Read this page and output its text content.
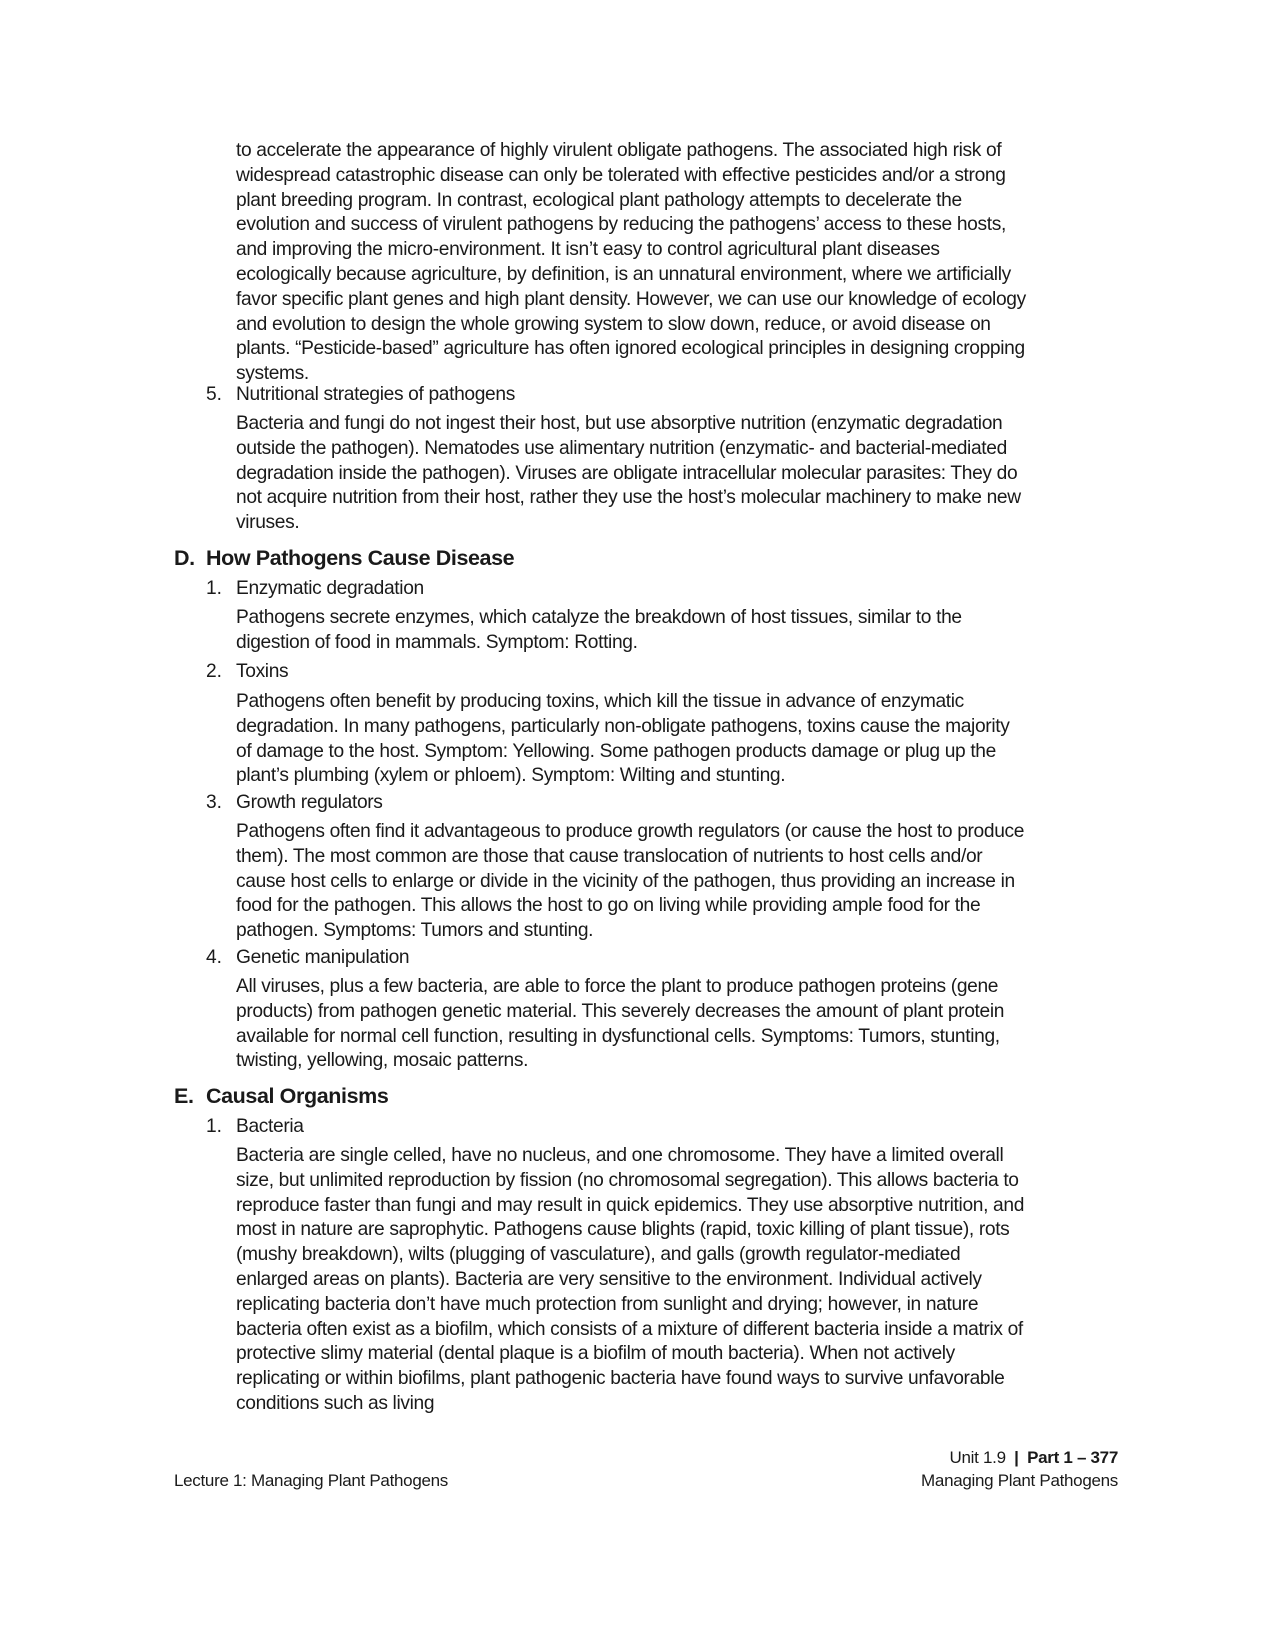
to accelerate the appearance of highly virulent obligate pathogens. The associated high risk of widespread catastrophic disease can only be tolerated with effective pesticides and/or a strong plant breeding program. In contrast, ecological plant pathology attempts to decelerate the evolution and success of virulent pathogens by reducing the pathogens’ access to these hosts, and improving the micro-environment. It isn’t easy to control agricultural plant diseases ecologically because agriculture, by definition, is an unnatural environment, where we artificially favor specific plant genes and high plant density. However, we can use our knowledge of ecology and evolution to design the whole growing system to slow down, reduce, or avoid disease on plants. “Pesticide-based” agriculture has often ignored ecological principles in designing cropping systems.

5. Nutritional strategies of pathogens

Bacteria and fungi do not ingest their host, but use absorptive nutrition (enzymatic degradation outside the pathogen). Nematodes use alimentary nutrition (enzymatic- and bacterial-mediated degradation inside the pathogen). Viruses are obligate intracellular molecular parasites: They do not acquire nutrition from their host, rather they use the host’s molecular machinery to make new viruses.

D. How Pathogens Cause Disease
1. Enzymatic degradation

Pathogens secrete enzymes, which catalyze the breakdown of host tissues, similar to the digestion of food in mammals. Symptom: Rotting.

2. Toxins

Pathogens often benefit by producing toxins, which kill the tissue in advance of enzymatic degradation. In many pathogens, particularly non-obligate pathogens, toxins cause the majority of damage to the host. Symptom: Yellowing. Some pathogen products damage or plug up the plant’s plumbing (xylem or phloem). Symptom: Wilting and stunting.

3. Growth regulators

Pathogens often find it advantageous to produce growth regulators (or cause the host to produce them). The most common are those that cause translocation of nutrients to host cells and/or cause host cells to enlarge or divide in the vicinity of the pathogen, thus providing an increase in food for the pathogen. This allows the host to go on living while providing ample food for the pathogen. Symptoms: Tumors and stunting.

4. Genetic manipulation

All viruses, plus a few bacteria, are able to force the plant to produce pathogen proteins (gene products) from pathogen genetic material. This severely decreases the amount of plant protein available for normal cell function, resulting in dysfunctional cells. Symptoms: Tumors, stunting, twisting, yellowing, mosaic patterns.

E. Causal Organisms
1. Bacteria

Bacteria are single celled, have no nucleus, and one chromosome. They have a limited overall size, but unlimited reproduction by fission (no chromosomal segregation). This allows bacteria to reproduce faster than fungi and may result in quick epidemics. They use absorptive nutrition, and most in nature are saprophytic. Pathogens cause blights (rapid, toxic killing of plant tissue), rots (mushy breakdown), wilts (plugging of vasculature), and galls (growth regulator-mediated enlarged areas on plants). Bacteria are very sensitive to the environment. Individual actively replicating bacteria don’t have much protection from sunlight and drying; however, in nature bacteria often exist as a biofilm, which consists of a mixture of different bacteria inside a matrix of protective slimy material (dental plaque is a biofilm of mouth bacteria). When not actively replicating or within biofilms, plant pathogenic bacteria have found ways to survive unfavorable conditions such as living

Unit 1.9 | Part 1 – 377
Lecture 1: Managing Plant Pathogens	Managing Plant Pathogens
